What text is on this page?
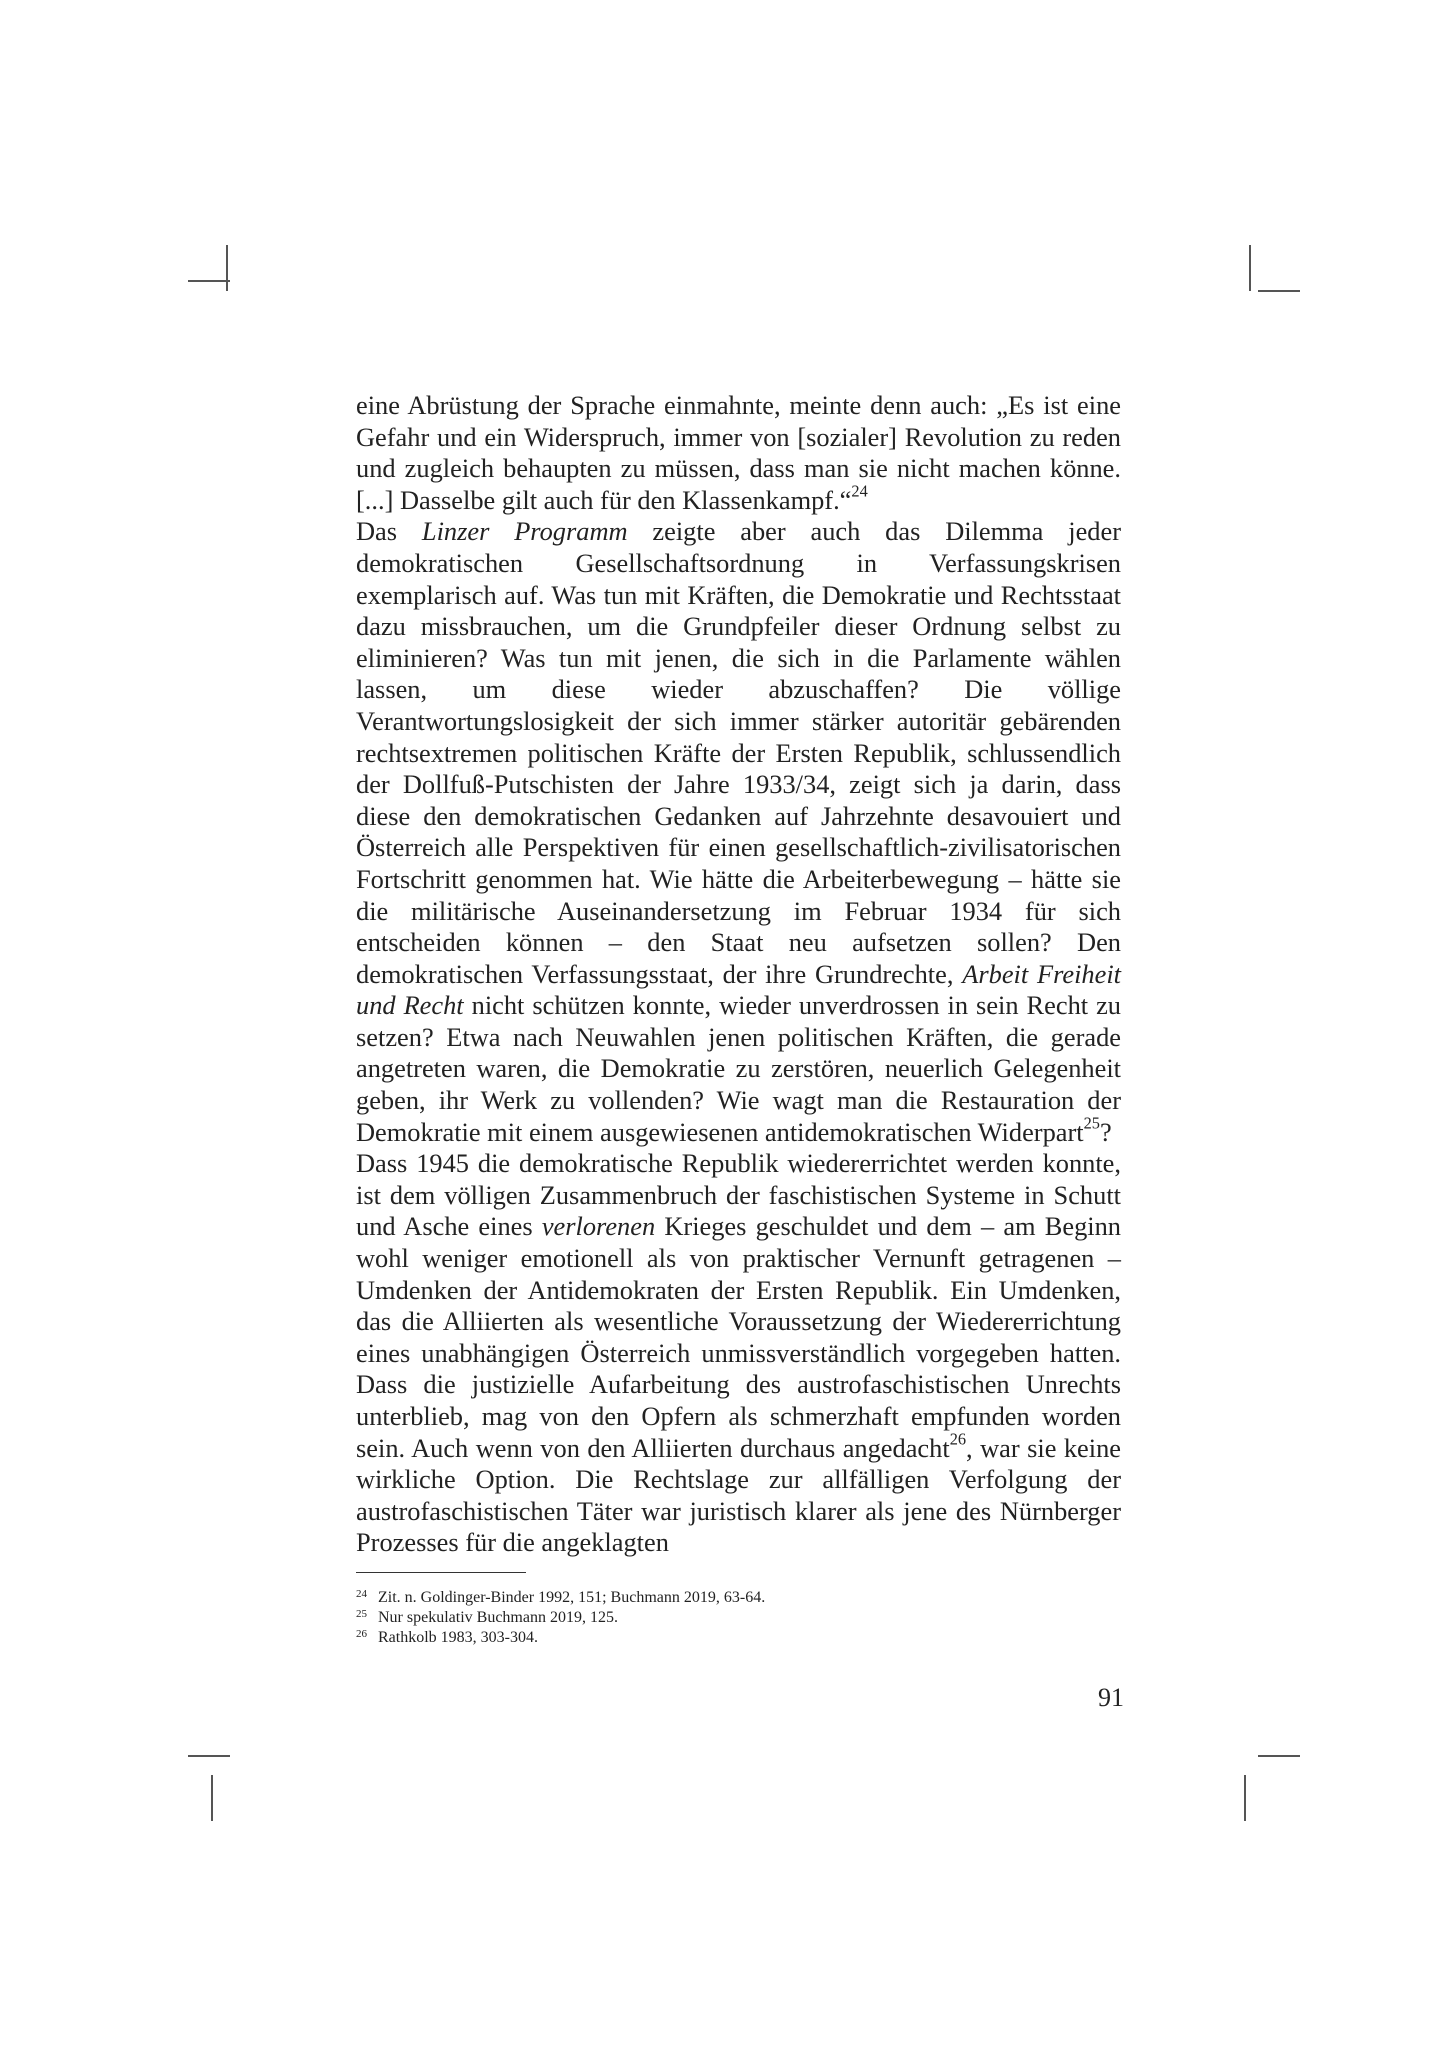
eine Abrüstung der Sprache einmahnte, meinte denn auch: „Es ist eine Gefahr und ein Widerspruch, immer von [sozialer] Revolution zu reden und zugleich behaupten zu müssen, dass man sie nicht machen könne. [...] Dasselbe gilt auch für den Klassenkampf.“$^{24}$

Das Linzer Programm zeigte aber auch das Dilemma jeder demokratischen Gesellschaftsordnung in Verfassungskrisen exemplarisch auf. Was tun mit Kräften, die Demokratie und Rechtsstaat dazu missbrauchen, um die Grundpfeiler dieser Ordnung selbst zu eliminieren? Was tun mit jenen, die sich in die Parlamente wählen lassen, um diese wieder abzuschaffen? Die völlige Verantwortungslosigkeit der sich immer stärker autoritär gebärenden rechtsextremen politischen Kräfte der Ersten Republik, schlussendlich der Dollfuß-Putschisten der Jahre 1933/34, zeigt sich ja darin, dass diese den demokratischen Gedanken auf Jahrzehnte desavouiert und Österreich alle Perspektiven für einen gesellschaftlich-zivilisatorischen Fortschritt genommen hat. Wie hätte die Arbeiterbewegung – hätte sie die militärische Auseinandersetzung im Februar 1934 für sich entscheiden können – den Staat neu aufsetzen sollen? Den demokratischen Verfassungsstaat, der ihre Grundrechte, Arbeit Freiheit und Recht nicht schützen konnte, wieder unverdrossen in sein Recht zu setzen? Etwa nach Neuwahlen jenen politischen Kräften, die gerade angetreten waren, die Demokratie zu zerstören, neuerlich Gelegenheit geben, ihr Werk zu vollenden? Wie wagt man die Restauration der Demokratie mit einem ausgewiesenen antidemokratischen Widerpart$^{25}$?

Dass 1945 die demokratische Republik wiedererrichtet werden konnte, ist dem völligen Zusammenbruch der faschistischen Systeme in Schutt und Asche eines verlorenen Krieges geschuldet und dem – am Beginn wohl weniger emotionell als von praktischer Vernunft getragenen – Umdenken der Antidemokraten der Ersten Republik. Ein Umdenken, das die Alliierten als wesentliche Voraussetzung der Wiedererrichtung eines unabhängigen Österreich unmissverständlich vorgegeben hatten. Dass die justizielle Aufarbeitung des austrofaschistischen Unrechts unterblieb, mag von den Opfern als schmerzhaft empfunden worden sein. Auch wenn von den Alliierten durchaus angedacht$^{26}$, war sie keine wirkliche Option. Die Rechtslage zur allfälligen Verfolgung der austrofaschistischen Täter war juristisch klarer als jene des Nürnberger Prozesses für die angeklagten

24 Zit. n. Goldinger-Binder 1992, 151; Buchmann 2019, 63-64.
25 Nur spekulativ Buchmann 2019, 125.
26 Rathkolb 1983, 303-304.
91
